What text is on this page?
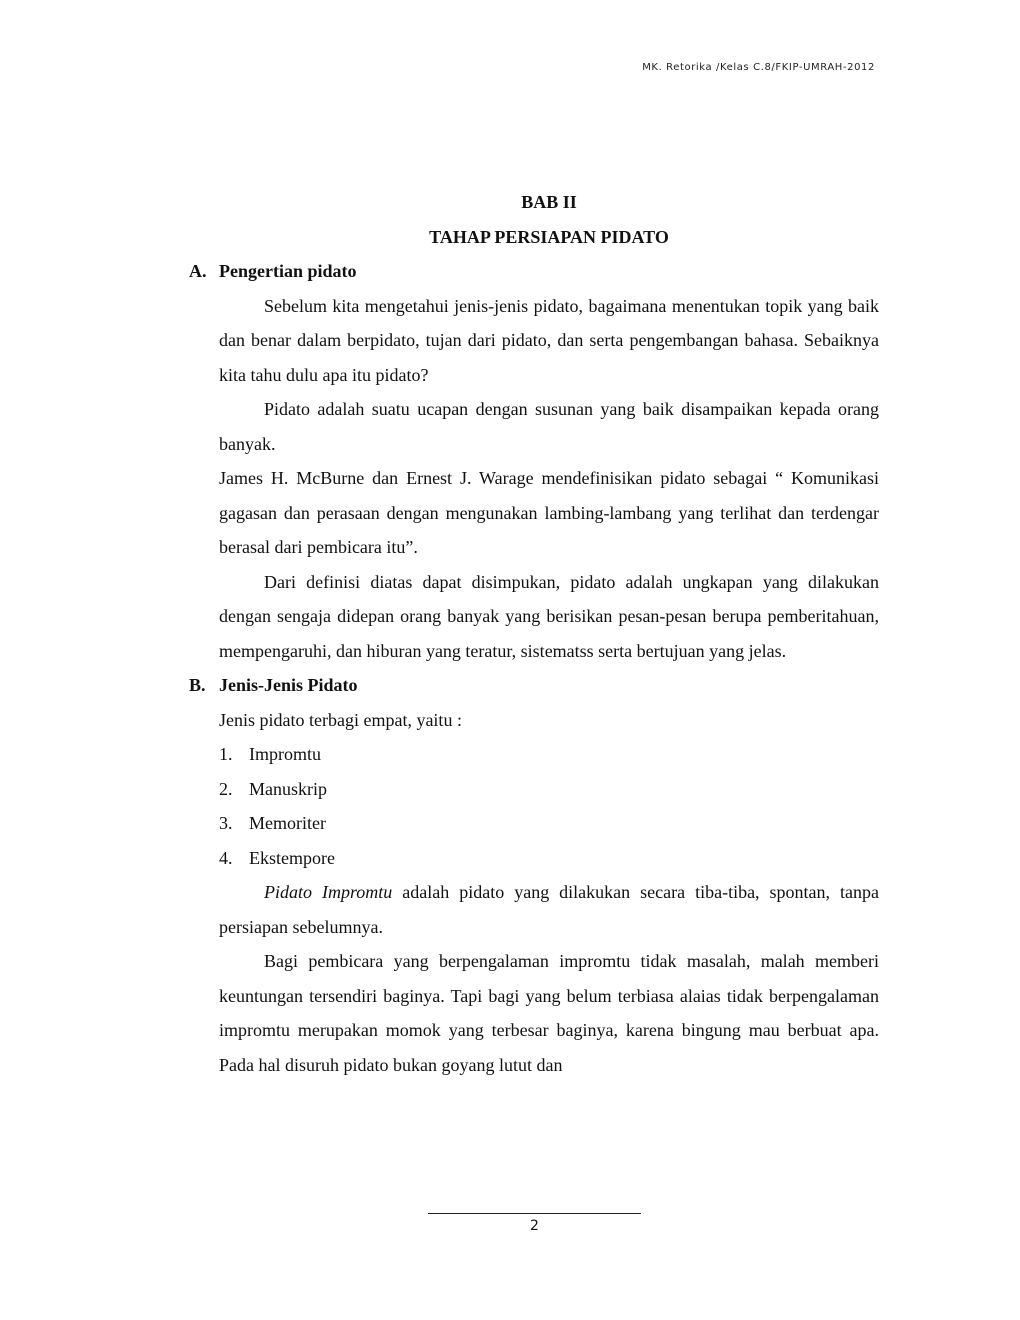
MK. Retorika /Kelas C.8/FKIP-UMRAH-2012
BAB II
TAHAP PERSIAPAN PIDATO
A. Pengertian pidato
Sebelum kita mengetahui jenis-jenis pidato, bagaimana menentukan topik yang baik dan benar dalam berpidato, tujan dari pidato, dan serta pengembangan bahasa. Sebaiknya kita tahu dulu apa itu pidato?
Pidato adalah suatu ucapan dengan susunan yang baik disampaikan kepada orang banyak.
James H. McBurne dan Ernest J. Warage mendefinisikan pidato sebagai “ Komunikasi gagasan dan perasaan dengan mengunakan lambing-lambang yang terlihat dan terdengar berasal dari pembicara itu”.
Dari definisi diatas dapat disimpukan, pidato adalah ungkapan yang dilakukan dengan sengaja didepan orang banyak yang berisikan pesan-pesan berupa pemberitahuan, mempengaruhi, dan hiburan yang teratur, sistematss serta bertujuan yang jelas.
B. Jenis-Jenis Pidato
Jenis pidato terbagi empat, yaitu :
1. Impromtu
2. Manuskrip
3. Memoriter
4. Ekstempore
Pidato Impromtu adalah pidato yang dilakukan secara tiba-tiba, spontan, tanpa persiapan sebelumnya.
Bagi pembicara yang berpengalaman impromtu tidak masalah, malah memberi keuntungan tersendiri baginya. Tapi bagi yang belum terbiasa alaias tidak berpengalaman impromtu merupakan momok yang terbesar baginya, karena bingung mau berbuat apa. Pada hal disuruh pidato bukan goyang lutut dan
2
